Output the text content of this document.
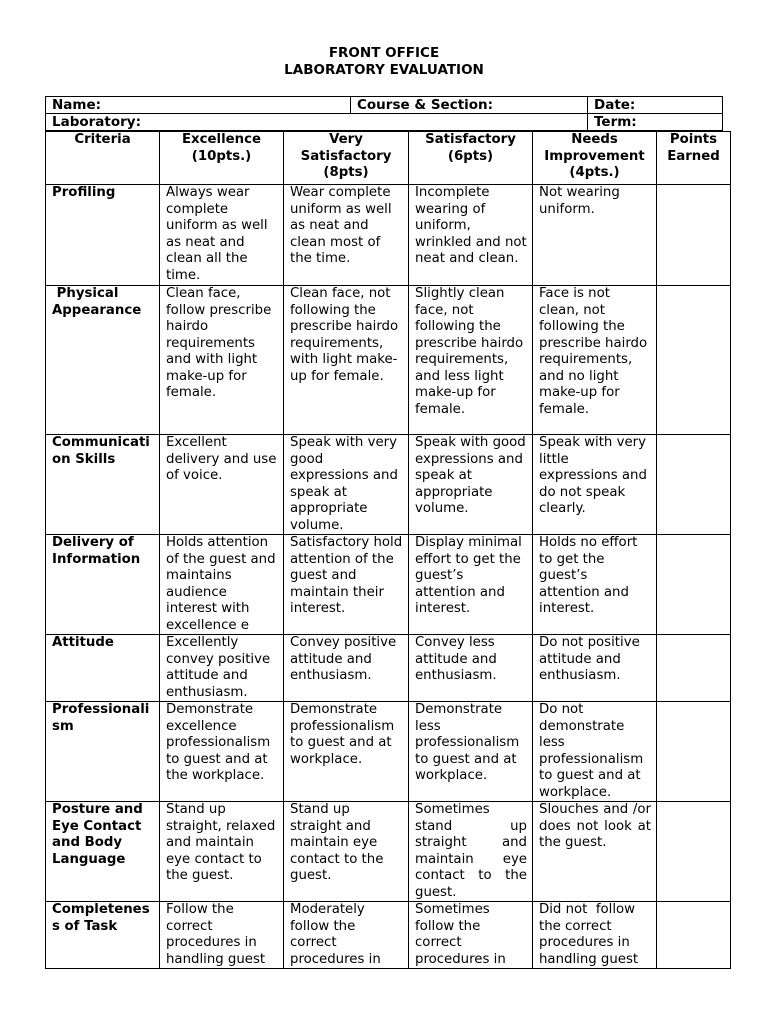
FRONT OFFICE
LABORATORY EVALUATION
Name:	Course & Section:	Date:
Laboratory:		Term:
Criteria	Excellence (10pts.)	Very Satisfactory (8pts)	Satisfactory (6pts)	Needs Improvement (4pts.)	Points Earned
Profiling	Always wear complete uniform as well as neat and clean all the time.	Wear complete uniform as well as neat and clean most of the time.	Incomplete wearing of uniform, wrinkled and not neat and clean.	Not wearing uniform.	
Physical Appearance	Clean face, follow prescribe hairdo requirements and with light make-up for female.	Clean face, not following the prescribe hairdo requirements, with light make-up for female.	Slightly clean face, not following the prescribe hairdo requirements, and less light make-up for female.	Face is not clean, not following the prescribe hairdo requirements, and no light make-up for female.	
Communication Skills	Excellent delivery and use of voice.	Speak with very good expressions and speak at appropriate volume.	Speak with good expressions and speak at appropriate volume.	Speak with very little expressions and do not speak clearly.	
Delivery of Information	Holds attention of the guest and maintains audience interest with excellence e	Satisfactory hold attention of the guest and maintain their interest.	Display minimal effort to get the guest’s attention and interest.	Holds no effort to get the guest’s attention and interest.	
Attitude	Excellently convey positive attitude and enthusiasm.	Convey positive attitude and enthusiasm.	Convey less attitude and enthusiasm.	Do not positive attitude and enthusiasm.	
Professionalism	Demonstrate excellence professionalism to guest and at the workplace.	Demonstrate professionalism to guest and at workplace.	Demonstrate less professionalism to guest and at workplace.	Do not demonstrate less professionalism to guest and at workplace.	
Posture and Eye Contact and Body Language	Stand up straight, relaxed and maintain eye contact to the guest.	Stand up straight and maintain eye contact to the guest.	Sometimes stand up straight and maintain eye contact to the guest.	Slouches and /or does not look at the guest.	
Completeness of Task	Follow the correct procedures in handling guest	Moderately follow the correct procedures in	Sometimes follow the correct procedures in	Did not  follow the correct procedures in handling guest	
